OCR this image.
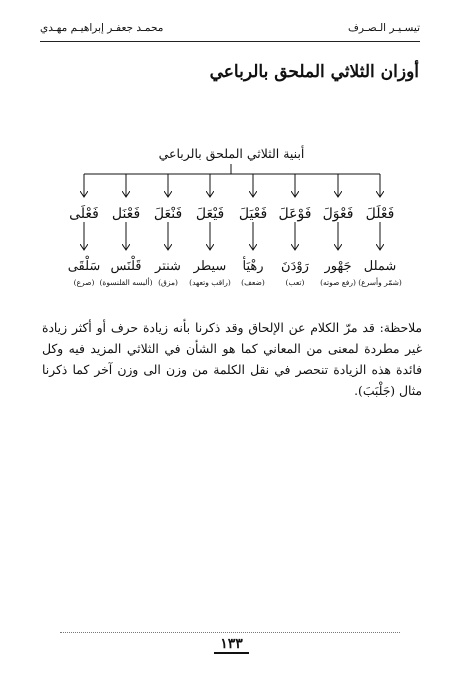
تيسـيـر الـصـرف
محمـد جعفـر إبراهيـم مهـدي
أوزان الثلاثي الملحق بالرباعي
أبنية الثلاثي الملحق بالرباعي
فَعْلَلَ
شملل
(شمّر وأسرع)
فَعْوَلَ
جَهْور
(رفع صوته)
فَوْعَلَ
رَوْدَنَ
(تعب)
فَعْيَلَ
رهْيَأ
(ضعف)
فَيْعَلَ
سيطر
(راقب وتعهد)
فَنْعَلَ
شنتر
(مزق)
فَعْنَل
قَلْنَس
(ألبسه القلنسوة)
فَعْلَى
سَلْقَى
(صرع)
ملاحظة: قد مرّ الكلام عن الإلحاق وقد ذكرنا بأنه زيادة حرف أو أكثر زيادة غير مطردة لمعنى من المعاني كما هو الشأن في الثلاثي المزيد فيه وكل فائدة هذه الزيادة تنحصر في نقل الكلمة من وزن الى وزن آخر كما ذكرنا مثال (جَلْبَبَ).
١٣٣
